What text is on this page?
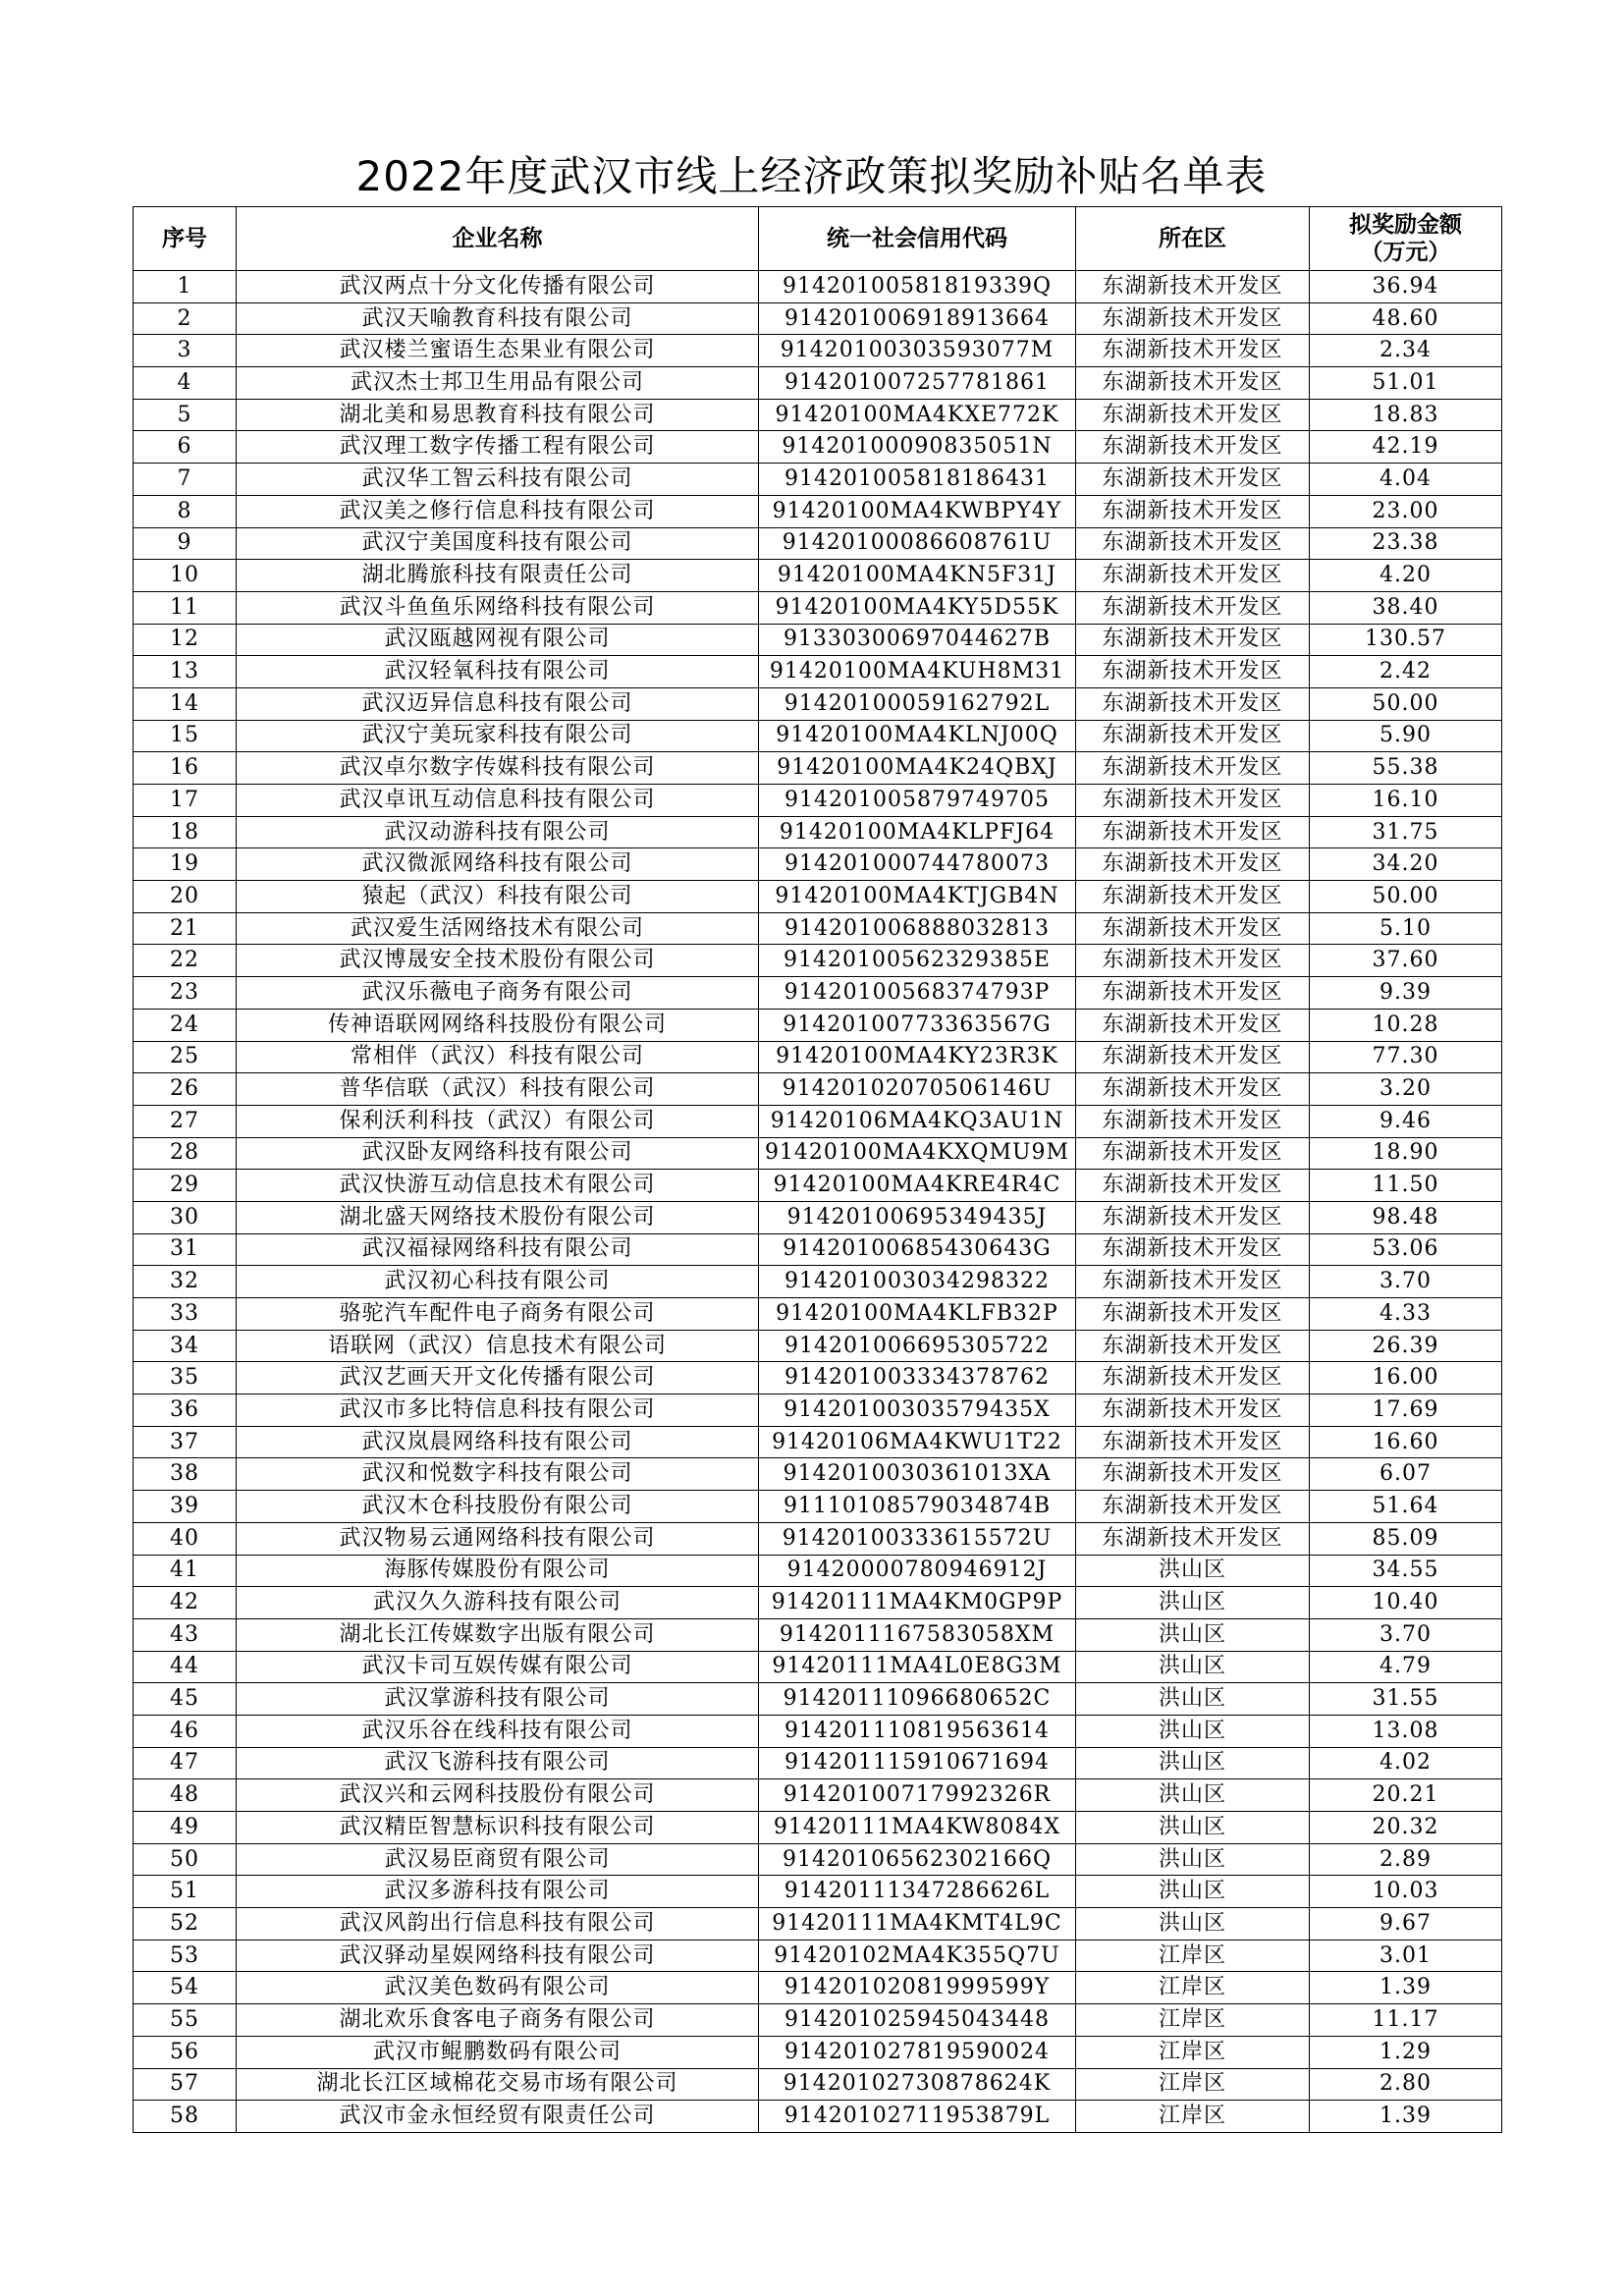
2022年度武汉市线上经济政策拟奖励补贴名单表
序号	企业名称	统一社会信用代码	所在区	拟奖励金额
（万元）
1	武汉两点十分文化传播有限公司	91420100581819339Q	东湖新技术开发区	36.94
2	武汉天喻教育科技有限公司	914201006918913664	东湖新技术开发区	48.60
3	武汉楼兰蜜语生态果业有限公司	91420100303593077M	东湖新技术开发区	2.34
4	武汉杰士邦卫生用品有限公司	914201007257781861	东湖新技术开发区	51.01
5	湖北美和易思教育科技有限公司	91420100MA4KXE772K	东湖新技术开发区	18.83
6	武汉理工数字传播工程有限公司	91420100090835051N	东湖新技术开发区	42.19
7	武汉华工智云科技有限公司	914201005818186431	东湖新技术开发区	4.04
8	武汉美之修行信息科技有限公司	91420100MA4KWBPY4Y	东湖新技术开发区	23.00
9	武汉宁美国度科技有限公司	91420100086608761U	东湖新技术开发区	23.38
10	湖北腾旅科技有限责任公司	91420100MA4KN5F31J	东湖新技术开发区	4.20
11	武汉斗鱼鱼乐网络科技有限公司	91420100MA4KY5D55K	东湖新技术开发区	38.40
12	武汉瓯越网视有限公司	91330300697044627B	东湖新技术开发区	130.57
13	武汉轻氧科技有限公司	91420100MA4KUH8M31	东湖新技术开发区	2.42
14	武汉迈异信息科技有限公司	91420100059162792L	东湖新技术开发区	50.00
15	武汉宁美玩家科技有限公司	91420100MA4KLNJ00Q	东湖新技术开发区	5.90
16	武汉卓尔数字传媒科技有限公司	91420100MA4K24QBXJ	东湖新技术开发区	55.38
17	武汉卓讯互动信息科技有限公司	914201005879749705	东湖新技术开发区	16.10
18	武汉动游科技有限公司	91420100MA4KLPFJ64	东湖新技术开发区	31.75
19	武汉微派网络科技有限公司	914201000744780073	东湖新技术开发区	34.20
20	猿起（武汉）科技有限公司	91420100MA4KTJGB4N	东湖新技术开发区	50.00
21	武汉爱生活网络技术有限公司	914201006888032813	东湖新技术开发区	5.10
22	武汉博晟安全技术股份有限公司	91420100562329385E	东湖新技术开发区	37.60
23	武汉乐薇电子商务有限公司	91420100568374793P	东湖新技术开发区	9.39
24	传神语联网网络科技股份有限公司	91420100773363567G	东湖新技术开发区	10.28
25	常相伴（武汉）科技有限公司	91420100MA4KY23R3K	东湖新技术开发区	77.30
26	普华信联（武汉）科技有限公司	91420102070506146U	东湖新技术开发区	3.20
27	保利沃利科技（武汉）有限公司	91420106MA4KQ3AU1N	东湖新技术开发区	9.46
28	武汉卧友网络科技有限公司	91420100MA4KXQMU9M	东湖新技术开发区	18.90
29	武汉快游互动信息技术有限公司	91420100MA4KRE4R4C	东湖新技术开发区	11.50
30	湖北盛天网络技术股份有限公司	91420100695349435J	东湖新技术开发区	98.48
31	武汉福禄网络科技有限公司	91420100685430643G	东湖新技术开发区	53.06
32	武汉初心科技有限公司	914201003034298322	东湖新技术开发区	3.70
33	骆驼汽车配件电子商务有限公司	91420100MA4KLFB32P	东湖新技术开发区	4.33
34	语联网（武汉）信息技术有限公司	914201006695305722	东湖新技术开发区	26.39
35	武汉艺画天开文化传播有限公司	914201003334378762	东湖新技术开发区	16.00
36	武汉市多比特信息科技有限公司	91420100303579435X	东湖新技术开发区	17.69
37	武汉岚晨网络科技有限公司	91420106MA4KWU1T22	东湖新技术开发区	16.60
38	武汉和悦数字科技有限公司	9142010030361013XA	东湖新技术开发区	6.07
39	武汉木仓科技股份有限公司	91110108579034874B	东湖新技术开发区	51.64
40	武汉物易云通网络科技有限公司	91420100333615572U	东湖新技术开发区	85.09
41	海豚传媒股份有限公司	91420000780946912J	洪山区	34.55
42	武汉久久游科技有限公司	91420111MA4KM0GP9P	洪山区	10.40
43	湖北长江传媒数字出版有限公司	9142011167583058XM	洪山区	3.70
44	武汉卡司互娱传媒有限公司	91420111MA4L0E8G3M	洪山区	4.79
45	武汉掌游科技有限公司	91420111096680652C	洪山区	31.55
46	武汉乐谷在线科技有限公司	914201110819563614	洪山区	13.08
47	武汉飞游科技有限公司	914201115910671694	洪山区	4.02
48	武汉兴和云网科技股份有限公司	91420100717992326R	洪山区	20.21
49	武汉精臣智慧标识科技有限公司	91420111MA4KW8084X	洪山区	20.32
50	武汉易臣商贸有限公司	91420106562302166Q	洪山区	2.89
51	武汉多游科技有限公司	91420111347286626L	洪山区	10.03
52	武汉风韵出行信息科技有限公司	91420111MA4KMT4L9C	洪山区	9.67
53	武汉驿动星娱网络科技有限公司	91420102MA4K355Q7U	江岸区	3.01
54	武汉美色数码有限公司	91420102081999599Y	江岸区	1.39
55	湖北欢乐食客电子商务有限公司	914201025945043448	江岸区	11.17
56	武汉市鲲鹏数码有限公司	914201027819590024	江岸区	1.29
57	湖北长江区域棉花交易市场有限公司	91420102730878624K	江岸区	2.80
58	武汉市金永恒经贸有限责任公司	91420102711953879L	江岸区	1.39
